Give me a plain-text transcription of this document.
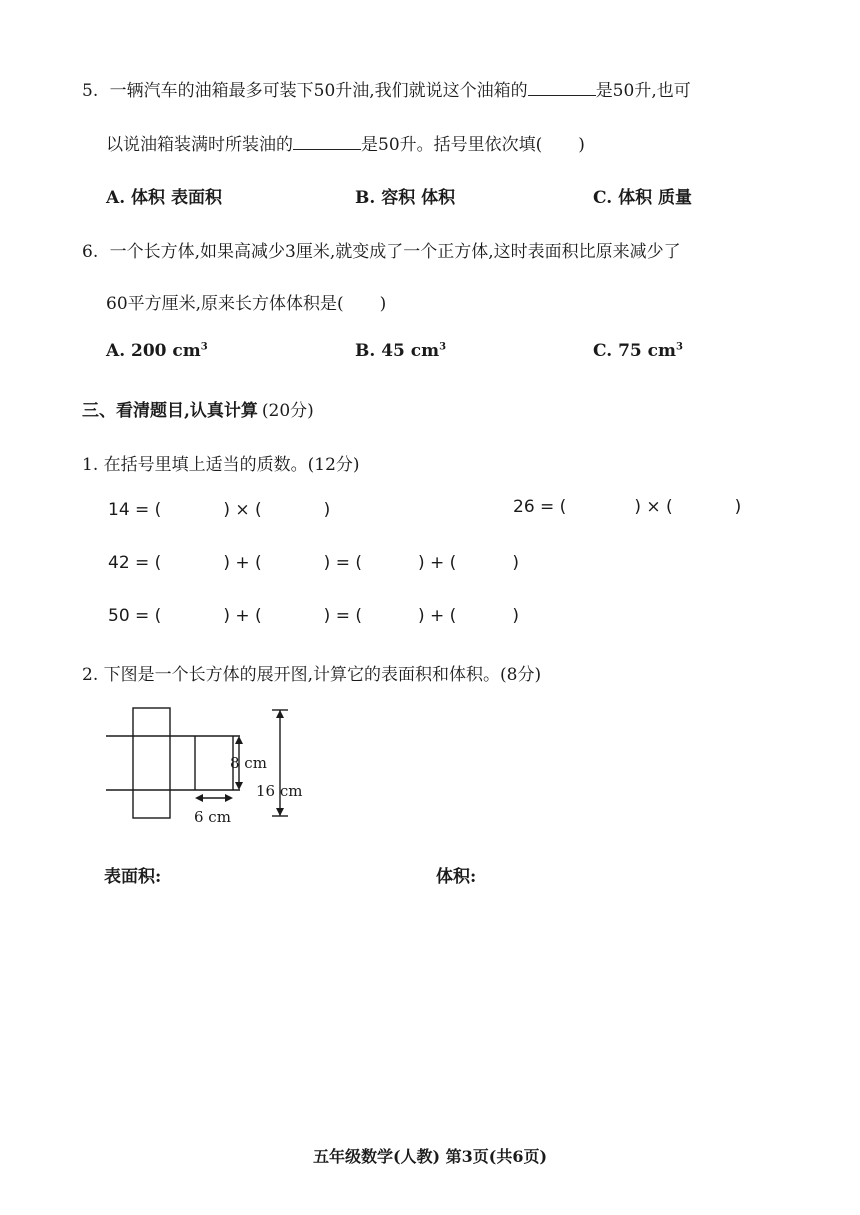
5. 一辆汽车的油箱最多可装下50升油,我们就说这个油箱的	是50升,也可
以说油箱装满时所装油的	是50升。括号里依次填( )
A. 体积 表面积	B. 容积 体积	C. 体积 质量
6. 一个长方体,如果高减少3厘米,就变成了一个正方体,这时表面积比原来减少了
60平方厘米,原来长方体体积是( )
A. 200 $cm^3$	B. 45 $cm^3$	C. 75 $cm^3$
三、看清题目,认真计算 (20分)
1. 在括号里填上适当的质数。(12分)
14 = (	) × (	)	26 = (	) × (	)
42 = (	) + (	) = (	) + (	)
50 = (	) + (	) = (	) + (	)
2. 下图是一个长方体的展开图,计算它的表面积和体积。(8分)
8 cm
16 cm
6 cm
表面积:	体积:
五年级数学(人教) 第3页(共6页)
